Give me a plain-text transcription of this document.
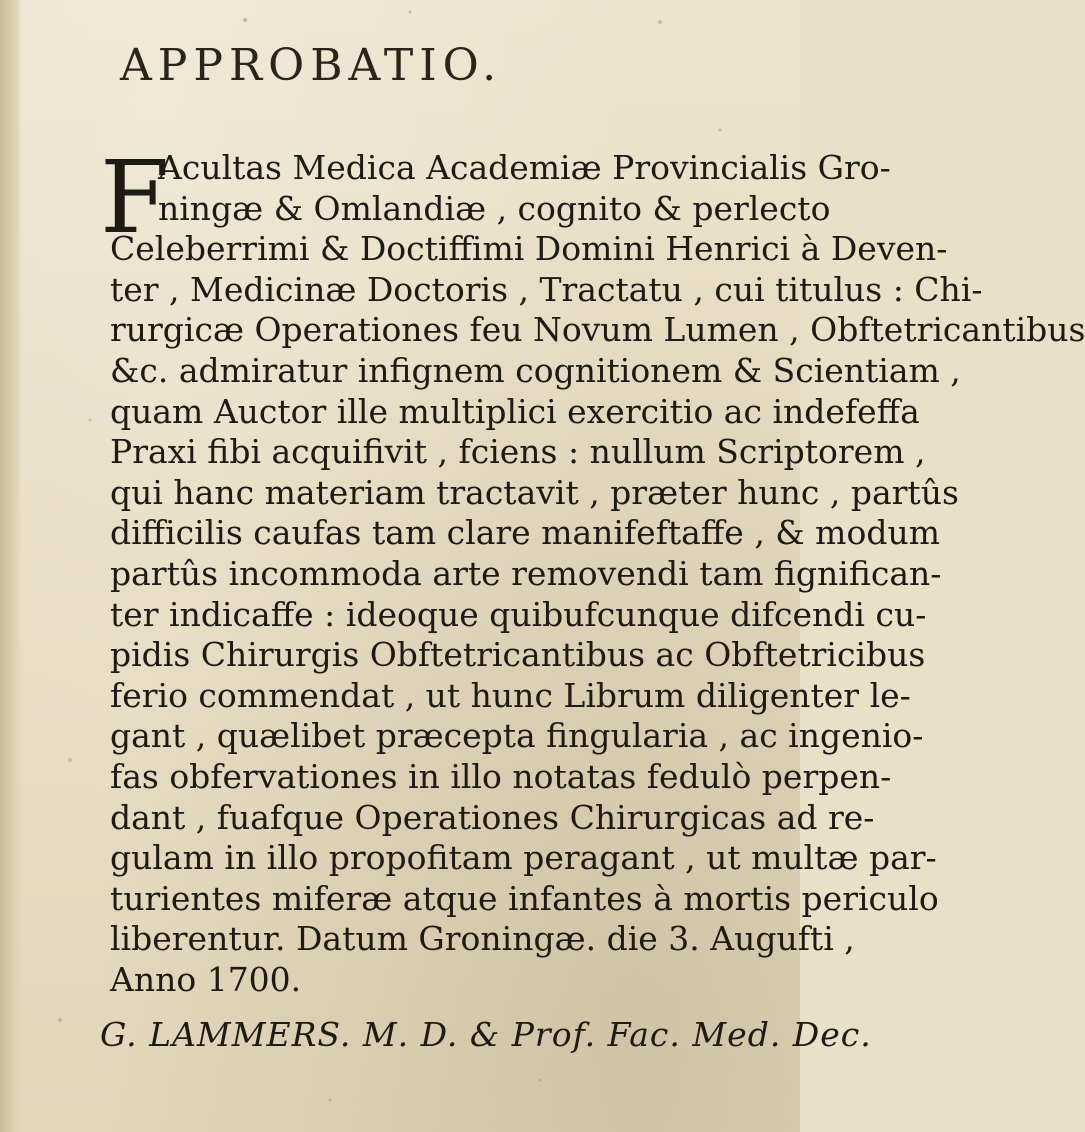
APPROBATIO.
F
Acultas Medica Academiæ Provincialis Gro-
ningæ & Omlandiæ , cognito & perlecto
Celeberrimi & Doctiffimi Domini Henrici à Deven-
ter , Medicinæ Doctoris , Tractatu , cui titulus : Chi-
rurgicæ Operationes feu Novum Lumen , Obftetricantibus
&c. admiratur infignem cognitionem & Scientiam ,
quam Auctor ille multiplici exercitio ac indefeffa
Praxi fibi acquifivit , fciens : nullum Scriptorem ,
qui hanc materiam tractavit , præter hunc , partûs
difficilis caufas tam clare manifeftaffe , & modum
partûs incommoda arte removendi tam fignifican-
ter indicaffe : ideoque quibufcunque difcendi cu-
pidis Chirurgis Obftetricantibus ac Obftetricibus
ferio commendat , ut hunc Librum diligenter le-
gant , quælibet præcepta fingularia , ac ingenio-
fas obfervationes in illo notatas fedulò perpen-
dant , fuafque Operationes Chirurgicas ad re-
gulam in illo propofitam peragant , ut multæ par-
turientes miferæ atque infantes à mortis periculo
liberentur. Datum Groningæ. die 3. Augufti ,
Anno 1700.
G. LAMMERS. M. D. & Prof. Fac. Med. Dec.
